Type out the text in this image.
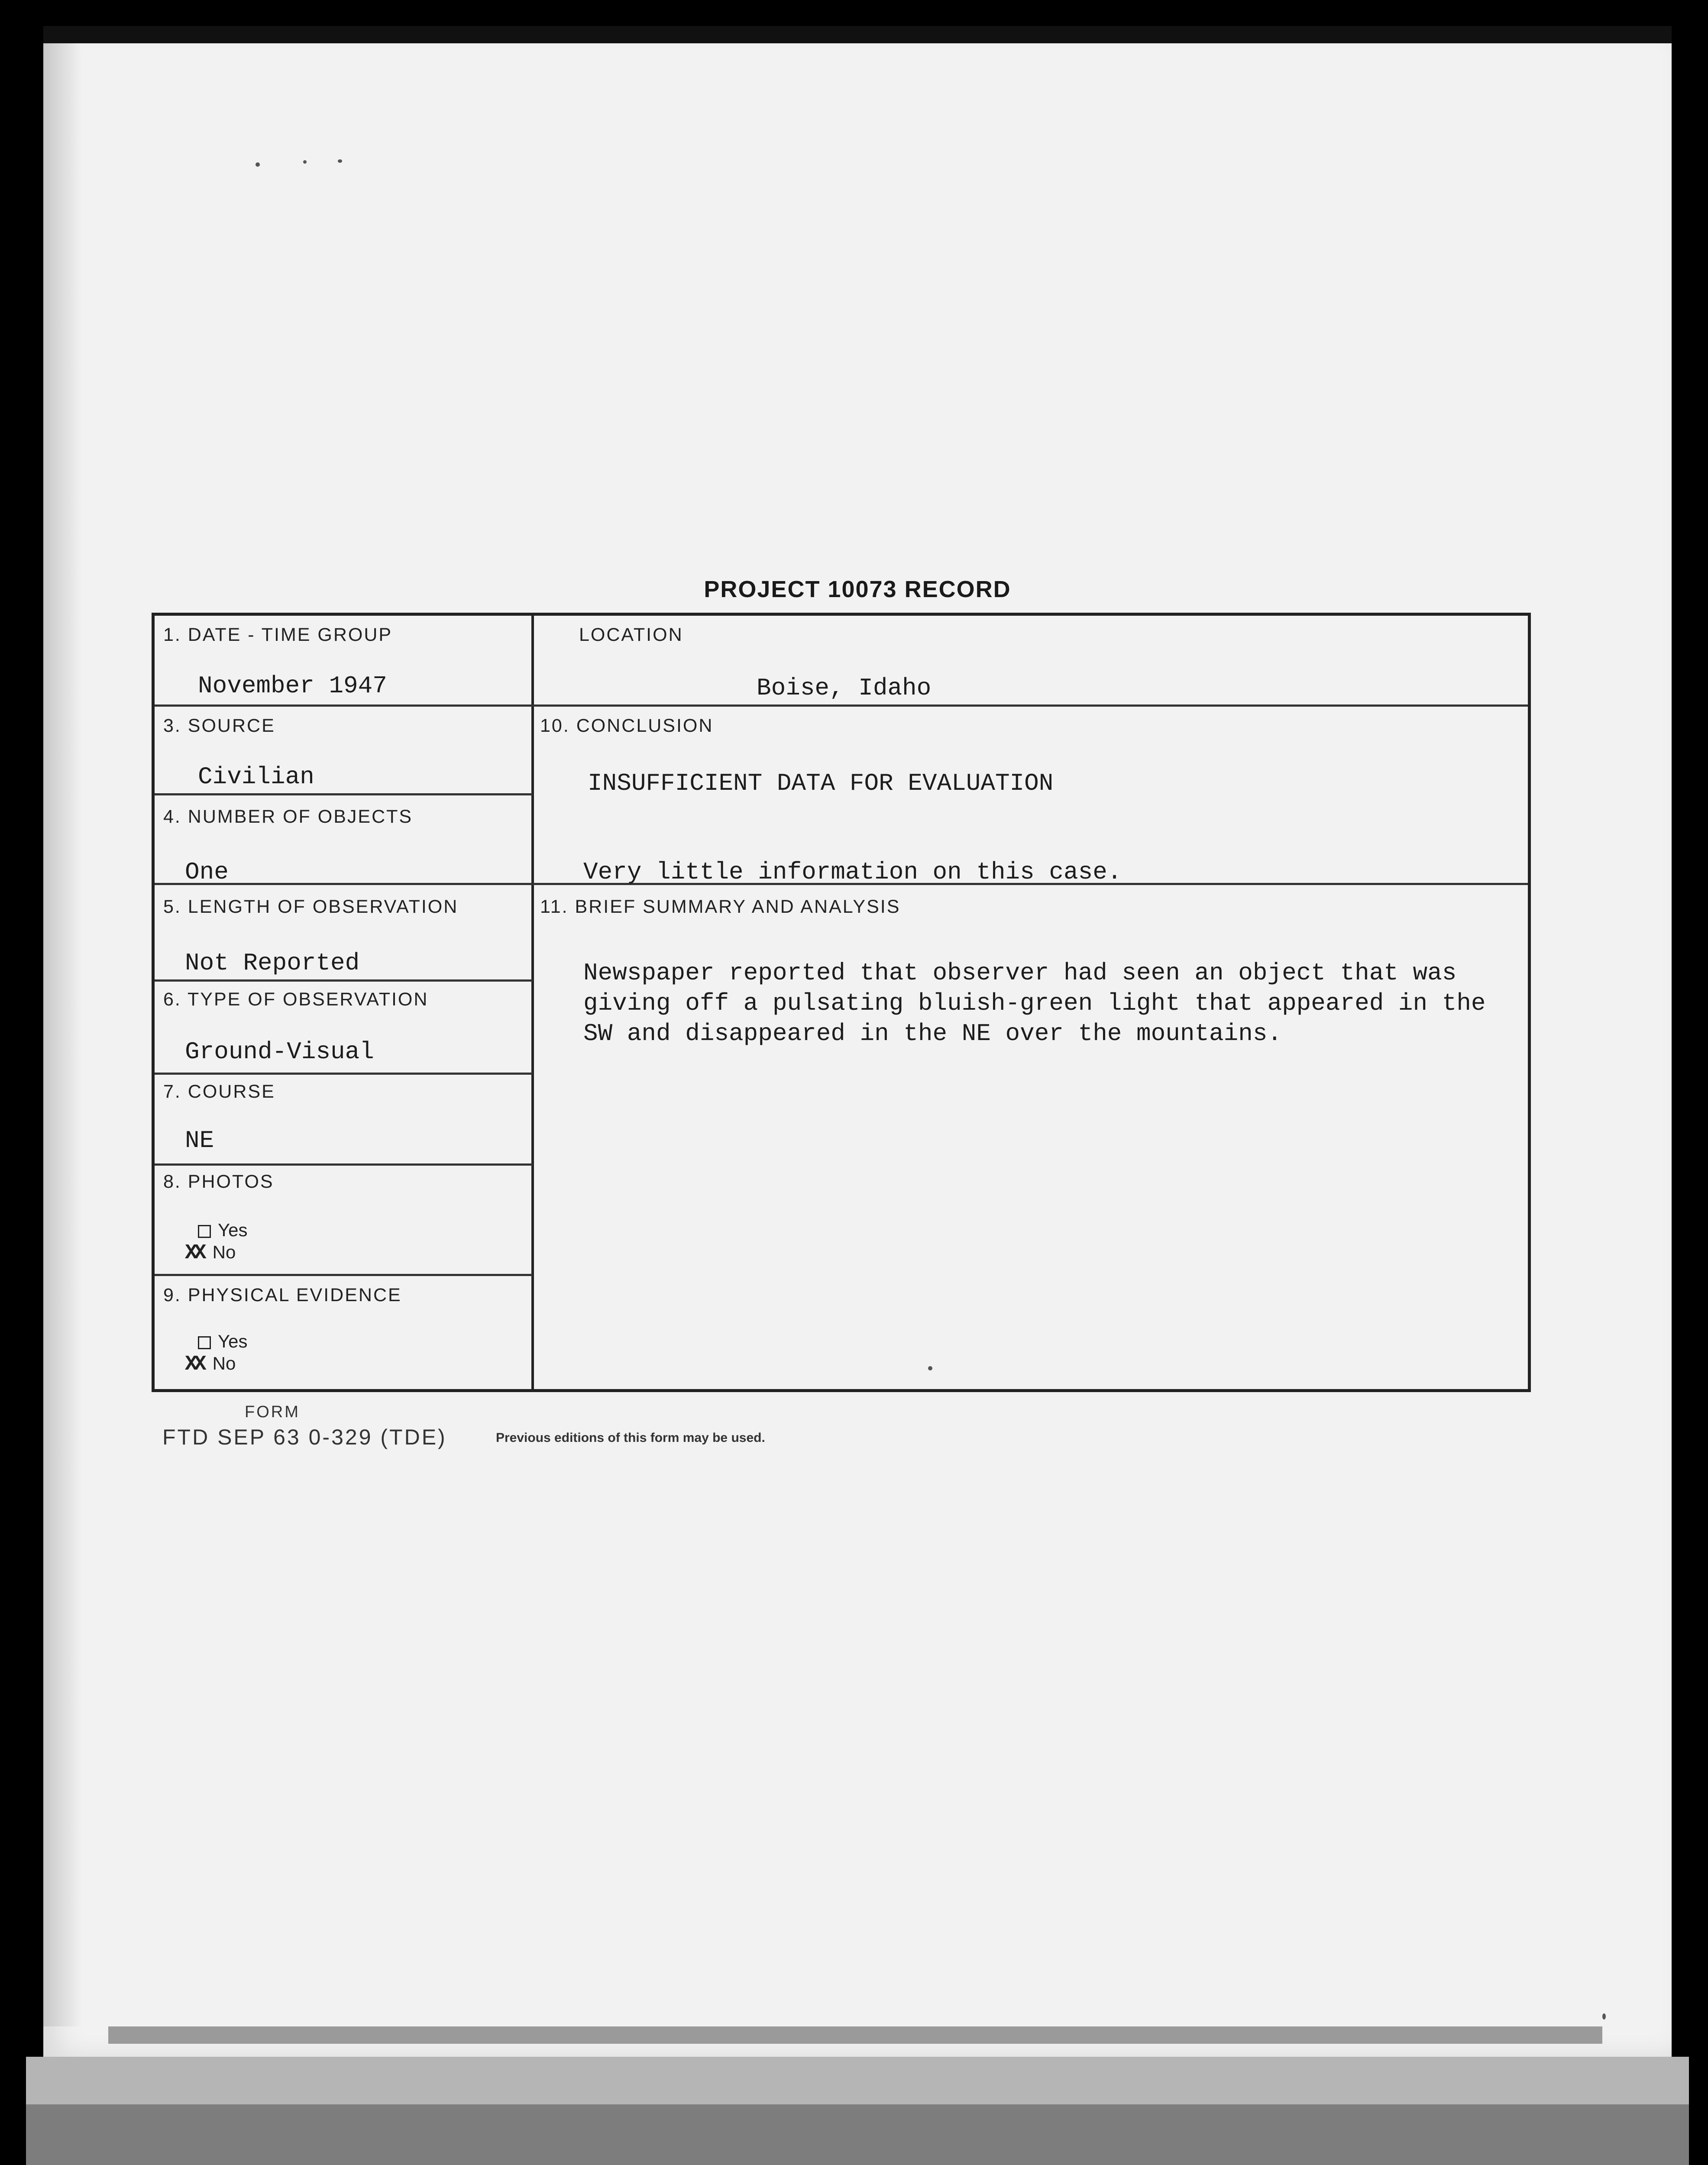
PROJECT 10073 RECORD
1. DATE - TIME GROUP
November 1947
LOCATION
Boise, Idaho
3. SOURCE
Civilian
10. CONCLUSION
INSUFFICIENT DATA FOR EVALUATION
Very little information on this case.
4. NUMBER OF OBJECTS
One
5. LENGTH OF OBSERVATION
Not Reported
11. BRIEF SUMMARY AND ANALYSIS
6. TYPE OF OBSERVATION
Ground-Visual
7. COURSE
NE
8. PHOTOS
Yes
XX No
9. PHYSICAL EVIDENCE
Yes
XX No
Newspaper reported that observer had seen an object that was
giving off a pulsating bluish-green light that appeared in the
SW and disappeared in the NE over the mountains.
FORM
FTD SEP 63 0-329 (TDE)	Previous editions of this form may be used.
